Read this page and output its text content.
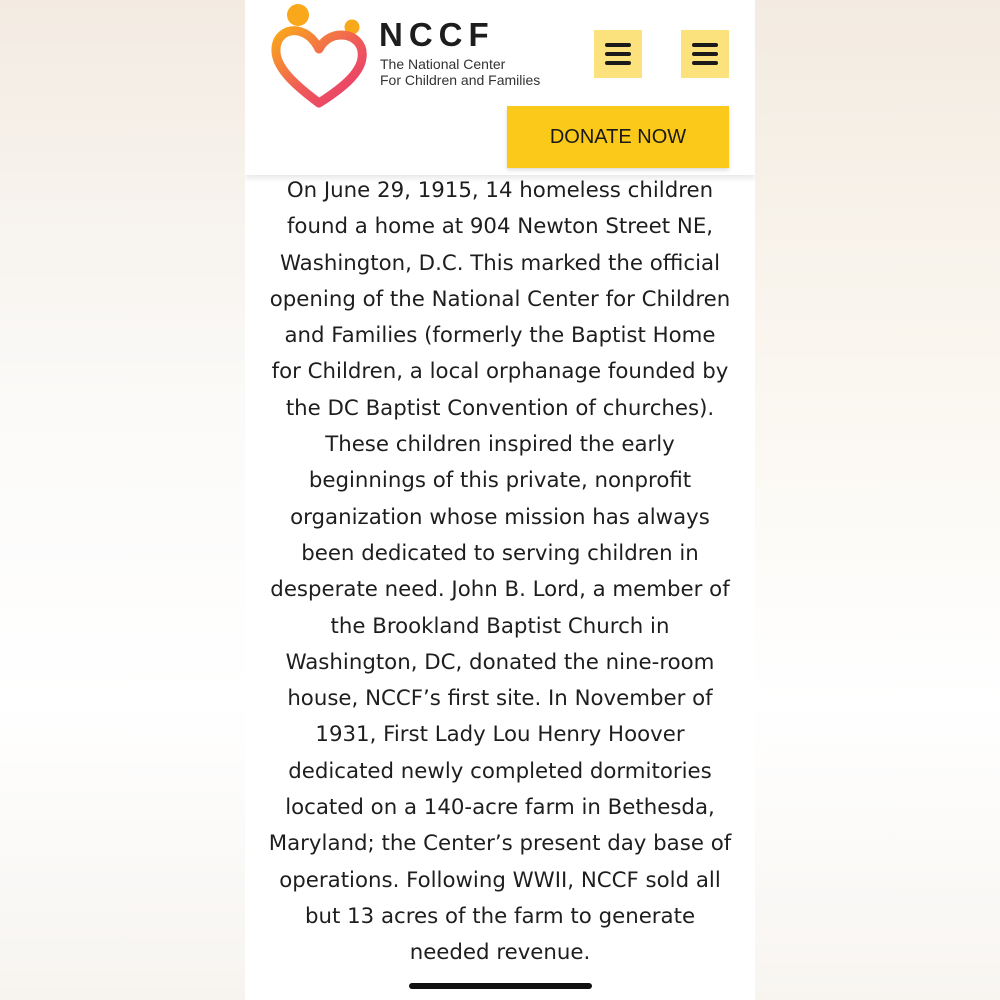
NCCF
The National Center
For Children and Families
DONATE NOW

On June 29, 1915, 14 homeless children found a home at 904 Newton Street NE, Washington, D.C. This marked the official opening of the National Center for Children and Families (formerly the Baptist Home for Children, a local orphanage founded by the DC Baptist Convention of churches). These children inspired the early beginnings of this private, nonprofit organization whose mission has always been dedicated to serving children in desperate need. John B. Lord, a member of the Brookland Baptist Church in Washington, DC, donated the nine-room house, NCCF’s first site. In November of 1931, First Lady Lou Henry Hoover dedicated newly completed dormitories located on a 140-acre farm in Bethesda, Maryland; the Center’s present day base of operations. Following WWII, NCCF sold all but 13 acres of the farm to generate needed revenue.
